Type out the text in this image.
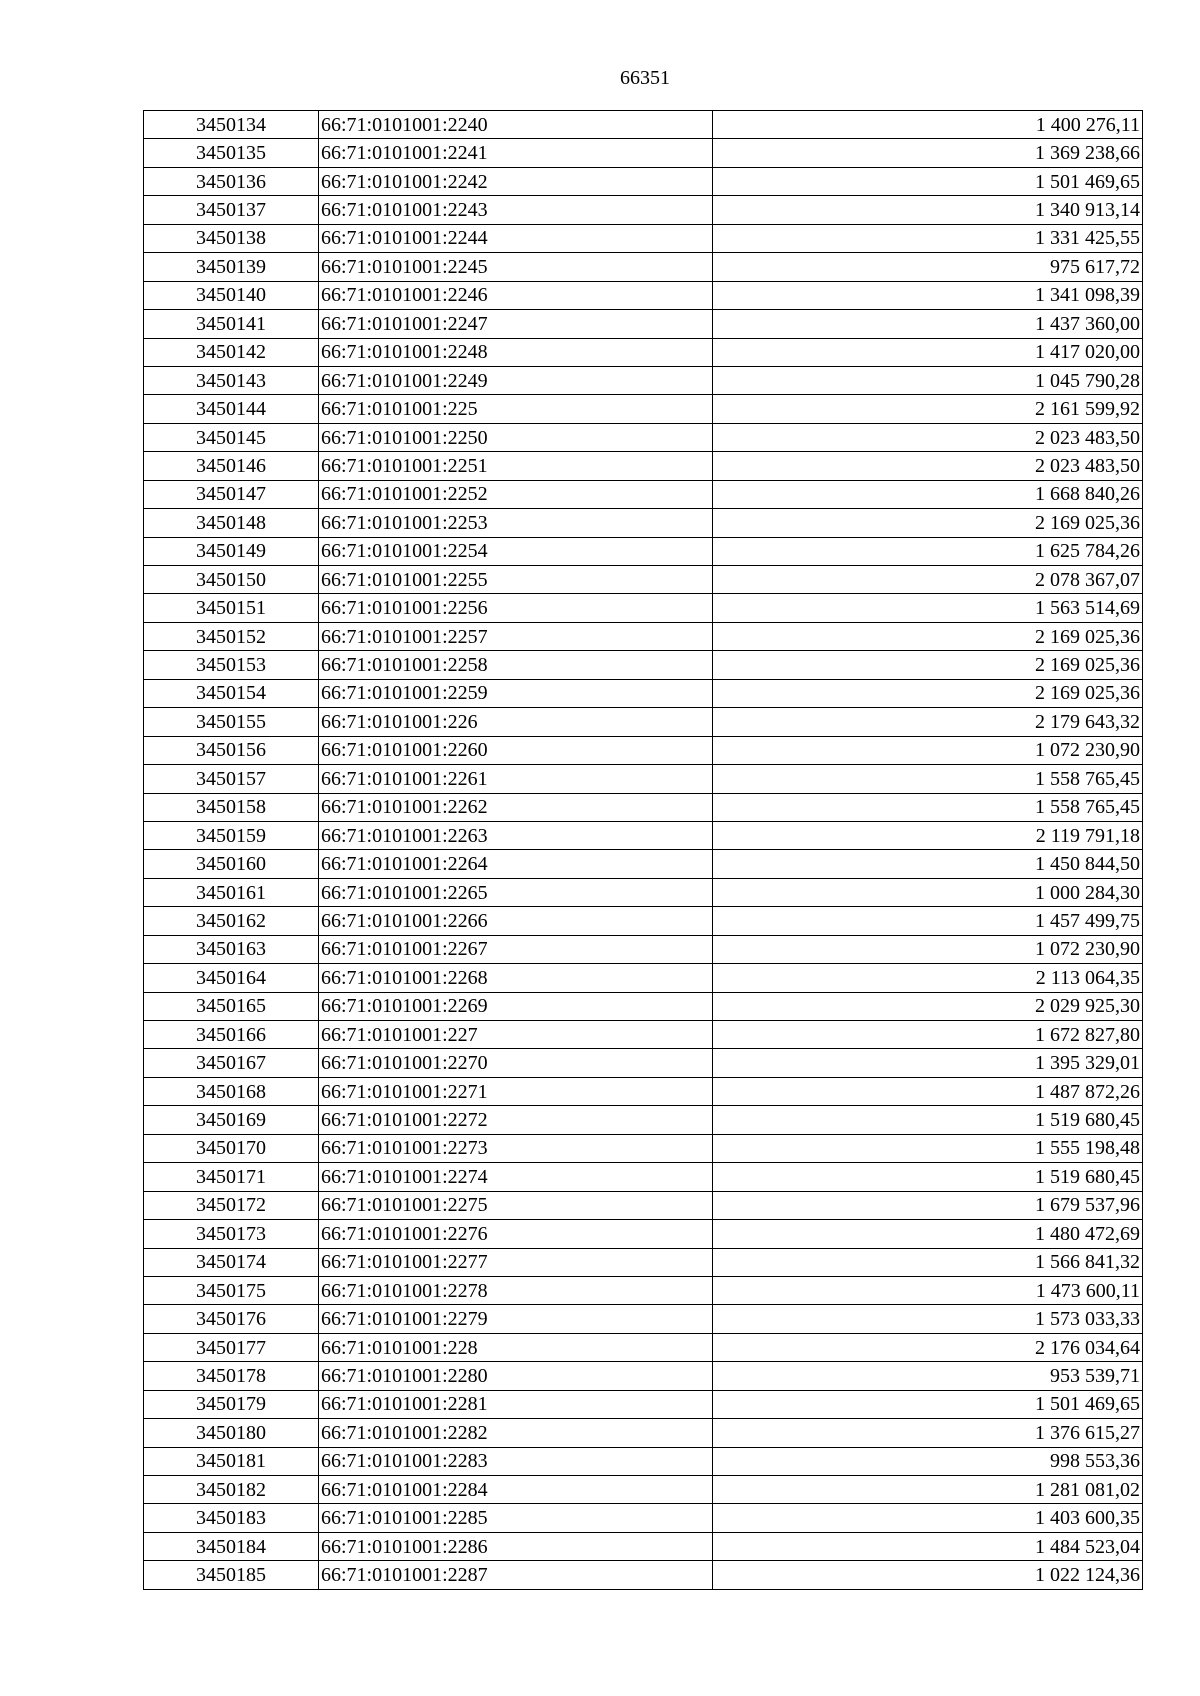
66351
3450134	66:71:0101001:2240	1 400 276,11
3450135	66:71:0101001:2241	1 369 238,66
3450136	66:71:0101001:2242	1 501 469,65
3450137	66:71:0101001:2243	1 340 913,14
3450138	66:71:0101001:2244	1 331 425,55
3450139	66:71:0101001:2245	975 617,72
3450140	66:71:0101001:2246	1 341 098,39
3450141	66:71:0101001:2247	1 437 360,00
3450142	66:71:0101001:2248	1 417 020,00
3450143	66:71:0101001:2249	1 045 790,28
3450144	66:71:0101001:225	2 161 599,92
3450145	66:71:0101001:2250	2 023 483,50
3450146	66:71:0101001:2251	2 023 483,50
3450147	66:71:0101001:2252	1 668 840,26
3450148	66:71:0101001:2253	2 169 025,36
3450149	66:71:0101001:2254	1 625 784,26
3450150	66:71:0101001:2255	2 078 367,07
3450151	66:71:0101001:2256	1 563 514,69
3450152	66:71:0101001:2257	2 169 025,36
3450153	66:71:0101001:2258	2 169 025,36
3450154	66:71:0101001:2259	2 169 025,36
3450155	66:71:0101001:226	2 179 643,32
3450156	66:71:0101001:2260	1 072 230,90
3450157	66:71:0101001:2261	1 558 765,45
3450158	66:71:0101001:2262	1 558 765,45
3450159	66:71:0101001:2263	2 119 791,18
3450160	66:71:0101001:2264	1 450 844,50
3450161	66:71:0101001:2265	1 000 284,30
3450162	66:71:0101001:2266	1 457 499,75
3450163	66:71:0101001:2267	1 072 230,90
3450164	66:71:0101001:2268	2 113 064,35
3450165	66:71:0101001:2269	2 029 925,30
3450166	66:71:0101001:227	1 672 827,80
3450167	66:71:0101001:2270	1 395 329,01
3450168	66:71:0101001:2271	1 487 872,26
3450169	66:71:0101001:2272	1 519 680,45
3450170	66:71:0101001:2273	1 555 198,48
3450171	66:71:0101001:2274	1 519 680,45
3450172	66:71:0101001:2275	1 679 537,96
3450173	66:71:0101001:2276	1 480 472,69
3450174	66:71:0101001:2277	1 566 841,32
3450175	66:71:0101001:2278	1 473 600,11
3450176	66:71:0101001:2279	1 573 033,33
3450177	66:71:0101001:228	2 176 034,64
3450178	66:71:0101001:2280	953 539,71
3450179	66:71:0101001:2281	1 501 469,65
3450180	66:71:0101001:2282	1 376 615,27
3450181	66:71:0101001:2283	998 553,36
3450182	66:71:0101001:2284	1 281 081,02
3450183	66:71:0101001:2285	1 403 600,35
3450184	66:71:0101001:2286	1 484 523,04
3450185	66:71:0101001:2287	1 022 124,36
